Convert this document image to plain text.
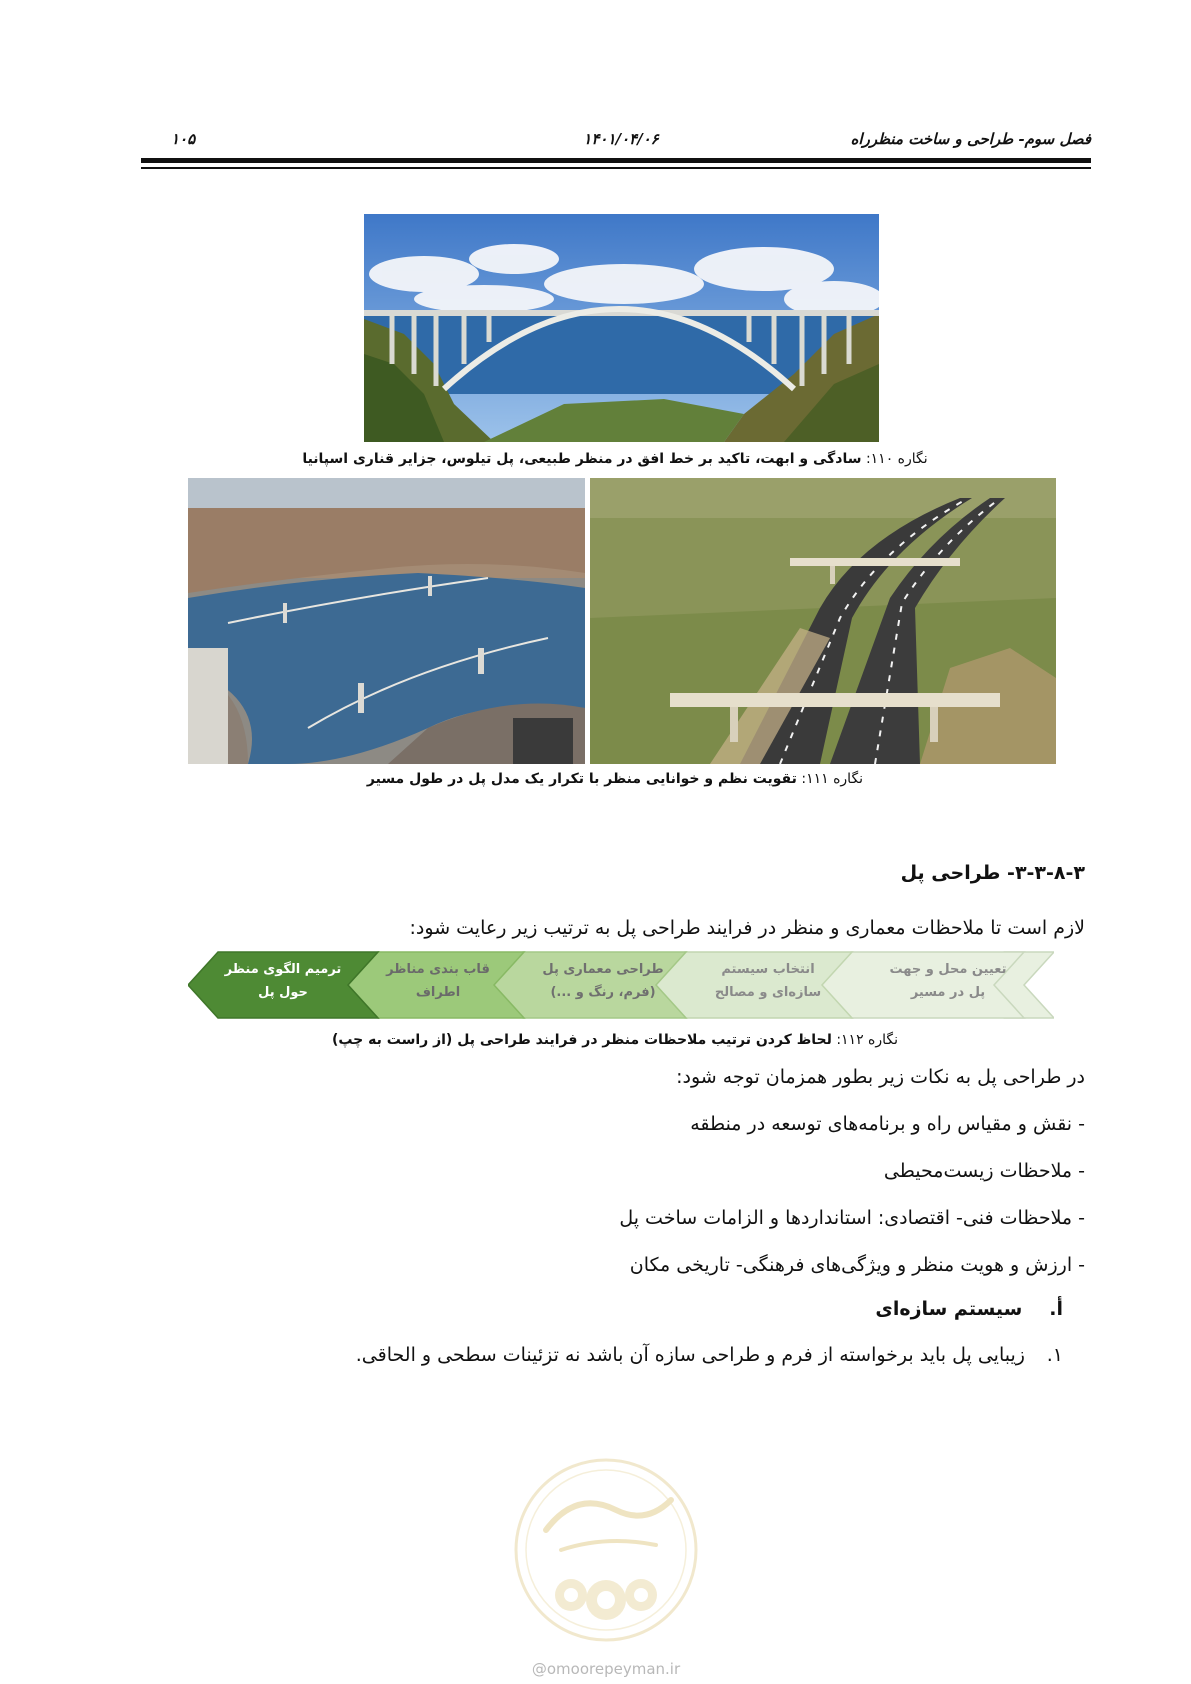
۱۰۵	۱۴۰۱/۰۴/۰۶	فصل سوم- طراحی و ساخت منظرراه
نگاره ۱۱۰: سادگی و ابهت، تاکید بر خط افق در منظر طبیعی، پل تیلوس، جزایر قناری اسپانیا
نگاره ۱۱۱: تقویت نظم و خوانایی منظر با تکرار یک مدل پل در طول مسیر
۳-۳-۸-۳- طراحی پل
لازم است تا ملاحظات معماری و منظر در فرایند طراحی پل به ترتیب زیر رعایت شود:
تعیین محل و جهت
پل در مسیر
انتخاب سیستم
سازه‌ای و مصالح
طراحی معماری پل
(فرم، رنگ و ...)
قاب بندی مناظر
اطراف
ترمیم الگوی منظر
حول پل
نگاره ۱۱۲: لحاظ کردن ترتیب ملاحظات منظر در فرایند طراحی پل (از راست به چپ)
در طراحی پل به نکات زیر بطور همزمان توجه شود:
- نقش و مقیاس راه و برنامه‌های توسعه در منطقه
- ملاحظات زیست‌محیطی
- ملاحظات فنی- اقتصادی: استانداردها و الزامات ساخت پل
- ارزش و هویت منظر و ویژگی‌های فرهنگی- تاریخی مکان
أ. سیستم سازه‌ای
۱. زیبایی پل باید برخواسته از فرم و طراحی سازه آن باشد نه تزئینات سطحی و الحاقی.
@omoorepeyman.ir
